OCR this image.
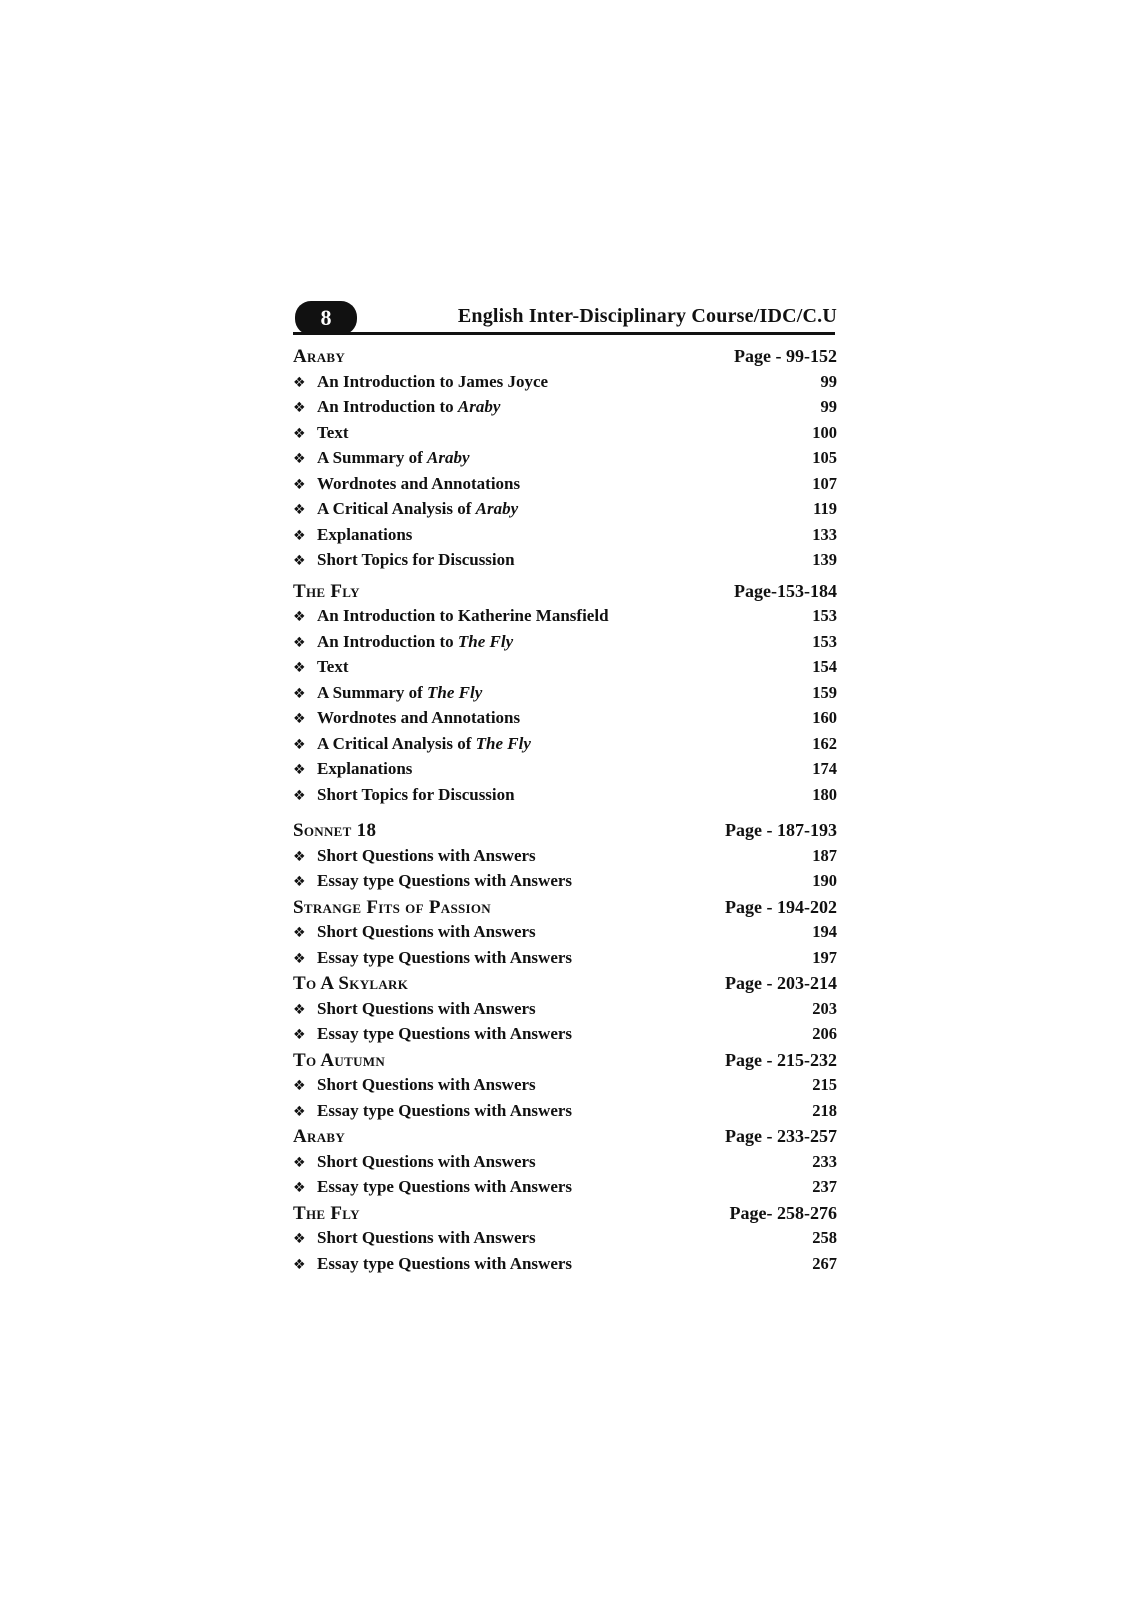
8	English Inter-Disciplinary Course/IDC/C.U
Araby	Page - 99-152
❖ An Introduction to James Joyce	99
❖ An Introduction to Araby	99
❖ Text	100
❖ A Summary of Araby	105
❖ Wordnotes and Annotations	107
❖ A Critical Analysis of Araby	119
❖ Explanations	133
❖ Short Topics for Discussion	139
The Fly	Page-153-184
❖ An Introduction to Katherine Mansfield	153
❖ An Introduction to The Fly	153
❖ Text	154
❖ A Summary of The Fly	159
❖ Wordnotes and Annotations	160
❖ A Critical Analysis of The Fly	162
❖ Explanations	174
❖ Short Topics for Discussion	180
Sonnet 18	Page - 187-193
❖ Short Questions with Answers	187
❖ Essay type Questions with Answers	190
Strange Fits of Passion	Page - 194-202
❖ Short Questions with Answers	194
❖ Essay type Questions with Answers	197
To A Skylark	Page - 203-214
❖ Short Questions with Answers	203
❖ Essay type Questions with Answers	206
To Autumn	Page - 215-232
❖ Short Questions with Answers	215
❖ Essay type Questions with Answers	218
Araby	Page - 233-257
❖ Short Questions with Answers	233
❖ Essay type Questions with Answers	237
The Fly	Page- 258-276
❖ Short Questions with Answers	258
❖ Essay type Questions with Answers	267
